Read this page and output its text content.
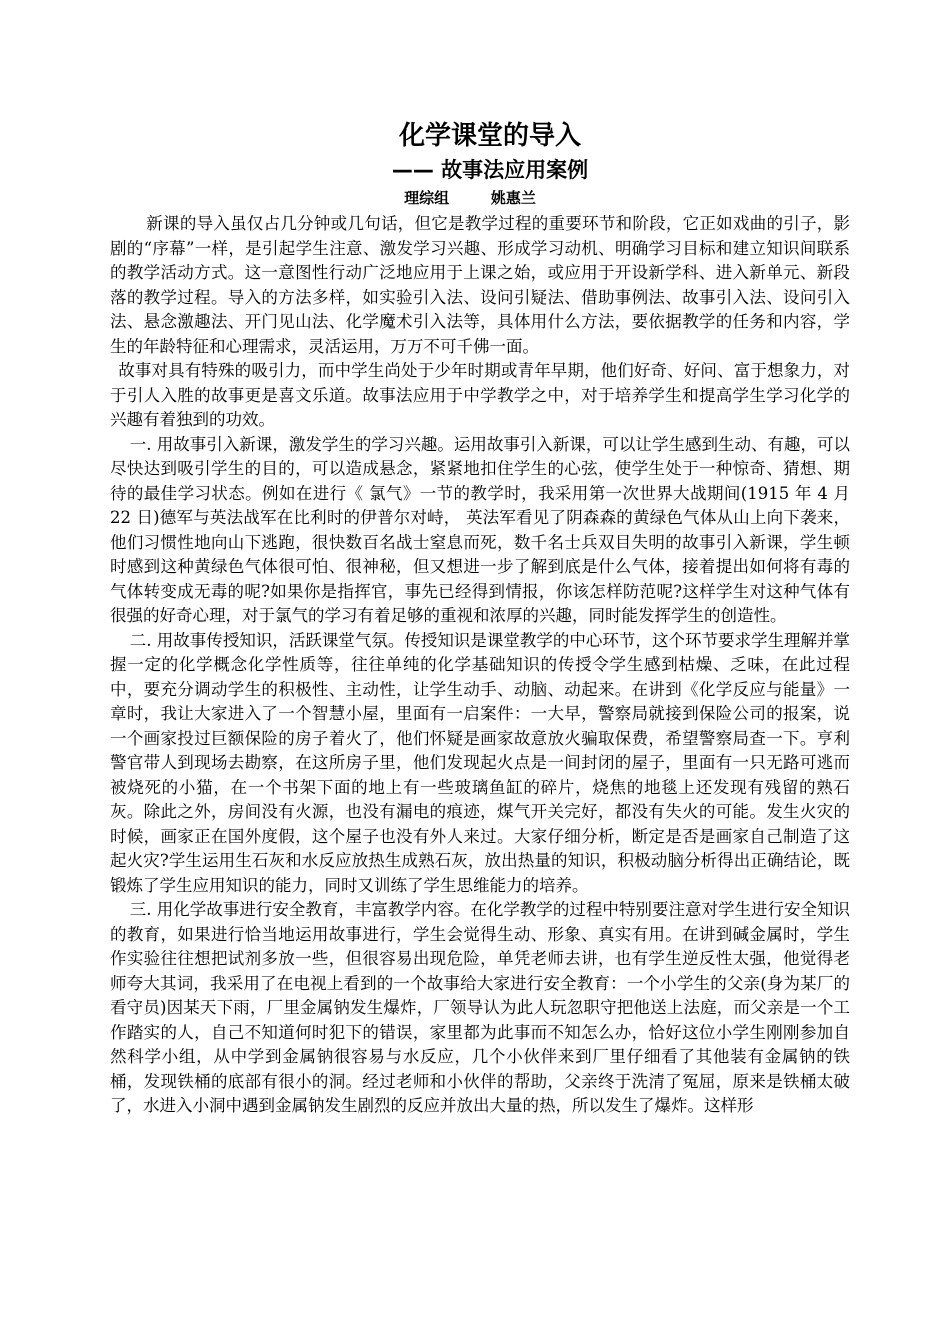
化学课堂的导入
—— 故事法应用案例
理综组        姚惠兰

新课的导入虽仅占几分钟或几句话，但它是教学过程的重要环节和阶段，它正如戏曲的引子，影剧的“序幕”一样，是引起学生注意、激发学习兴趣、形成学习动机、明确学习目标和建立知识间联系的教学活动方式。这一意图性行动广泛地应用于上课之始，或应用于开设新学科、进入新单元、新段落的教学过程。导入的方法多样，如实验引入法、设问引疑法、借助事例法、故事引入法、设问引入法、悬念激趣法、开门见山法、化学魔术引入法等，具体用什么方法，要依据教学的任务和内容，学生的年龄特征和心理需求，灵活运用，万万不可千佛一面。

故事对具有特殊的吸引力，而中学生尚处于少年时期或青年早期，他们好奇、好问、富于想象力，对于引人入胜的故事更是喜文乐道。故事法应用于中学教学之中，对于培养学生和提高学生学习化学的兴趣有着独到的功效。

一. 用故事引入新课，激发学生的学习兴趣。运用故事引入新课，可以让学生感到生动、有趣，可以尽快达到吸引学生的目的，可以造成悬念，紧紧地扣住学生的心弦，使学生处于一种惊奇、猜想、期待的最佳学习状态。例如在进行《 氯气》一节的教学时，我采用第一次世界大战期间(1915 年 4 月 22 日)德军与英法战军在比利时的伊普尔对峙， 英法军看见了阴森森的黄绿色气体从山上向下袭来，他们习惯性地向山下逃跑，很快数百名战士窒息而死，数千名士兵双目失明的故事引入新课，学生顿时感到这种黄绿色气体很可怕、很神秘，但又想进一步了解到底是什么气体，接着提出如何将有毒的气体转变成无毒的呢?如果你是指挥官，事先已经得到情报，你该怎样防范呢?这样学生对这种气体有很强的好奇心理，对于氯气的学习有着足够的重视和浓厚的兴趣，同时能发挥学生的创造性。

二. 用故事传授知识，活跃课堂气氛。传授知识是课堂教学的中心环节，这个环节要求学生理解并掌握一定的化学概念化学性质等，往往单纯的化学基础知识的传授令学生感到枯燥、乏味，在此过程中，要充分调动学生的积极性、主动性，让学生动手、动脑、动起来。在讲到《化学反应与能量》一章时，我让大家进入了一个智慧小屋，里面有一启案件：一大早，警察局就接到保险公司的报案，说一个画家投过巨额保险的房子着火了，他们怀疑是画家故意放火骗取保费，希望警察局查一下。亨利警官带人到现场去勘察，在这所房子里，他们发现起火点是一间封闭的屋子，里面有一只无路可逃而被烧死的小猫，在一个书架下面的地上有一些玻璃鱼缸的碎片，烧焦的地毯上还发现有残留的熟石灰。除此之外，房间没有火源，也没有漏电的痕迹，煤气开关完好，都没有失火的可能。发生火灾的时候，画家正在国外度假，这个屋子也没有外人来过。大家仔细分析，断定是否是画家自己制造了这起火灾?学生运用生石灰和水反应放热生成熟石灰，放出热量的知识，积极动脑分析得出正确结论，既锻炼了学生应用知识的能力，同时又训练了学生思维能力的培养。

三. 用化学故事进行安全教育，丰富教学内容。在化学教学的过程中特别要注意对学生进行安全知识的教育，如果进行恰当地运用故事进行，学生会觉得生动、形象、真实有用。在讲到碱金属时，学生作实验往往想把试剂多放一些，但很容易出现危险，单凭老师去讲，也有学生逆反性太强，他觉得老师夸大其词，我采用了在电视上看到的一个故事给大家进行安全教育：一个小学生的父亲(身为某厂的看守员)因某天下雨，厂里金属钠发生爆炸，厂领导认为此人玩忽职守把他送上法庭，而父亲是一个工作踏实的人，自己不知道何时犯下的错误，家里都为此事而不知怎么办，恰好这位小学生刚刚参加自然科学小组，从中学到金属钠很容易与水反应，几个小伙伴来到厂里仔细看了其他装有金属钠的铁桶，发现铁桶的底部有很小的洞。经过老师和小伙伴的帮助，父亲终于洗清了冤屈，原来是铁桶太破了，水进入小洞中遇到金属钠发生剧烈的反应并放出大量的热，所以发生了爆炸。这样形
